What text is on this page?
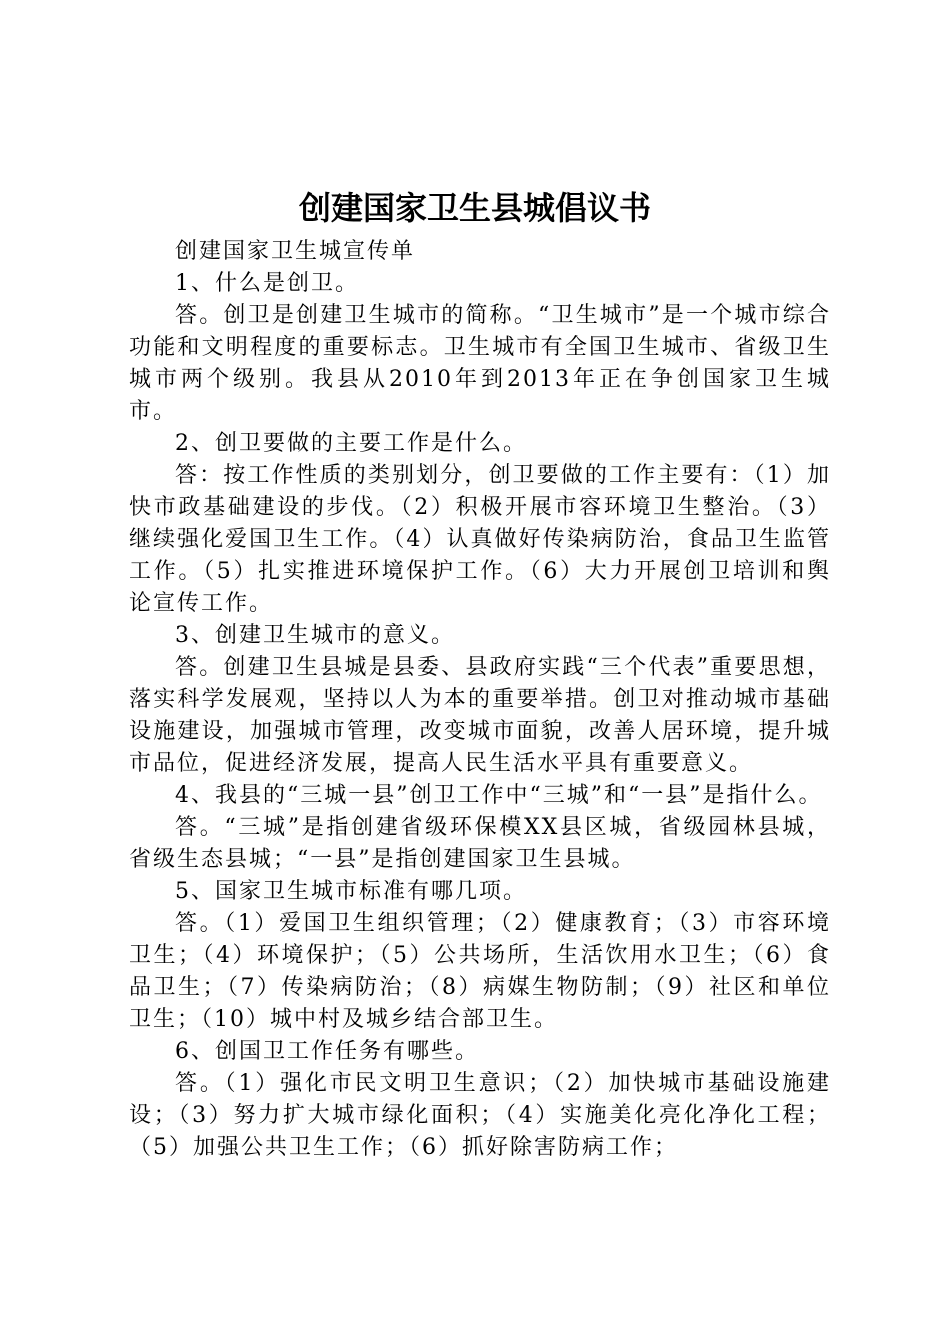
创建国家卫生县城倡议书

创建国家卫生城宣传单

1、什么是创卫。

答。创卫是创建卫生城市的简称。“卫生城市”是一个城市综合功能和文明程度的重要标志。卫生城市有全国卫生城市、省级卫生城市两个级别。我县从2010年到2013年正在争创国家卫生城市。

2、创卫要做的主要工作是什么。

答：按工作性质的类别划分，创卫要做的工作主要有：（1）加快市政基础建设的步伐。（2）积极开展市容环境卫生整治。（3）继续强化爱国卫生工作。（4）认真做好传染病防治，食品卫生监管工作。（5）扎实推进环境保护工作。（6）大力开展创卫培训和舆论宣传工作。

3、创建卫生城市的意义。

答。创建卫生县城是县委、县政府实践“三个代表”重要思想，落实科学发展观，坚持以人为本的重要举措。创卫对推动城市基础设施建设，加强城市管理，改变城市面貌，改善人居环境，提升城市品位，促进经济发展，提高人民生活水平具有重要意义。

4、我县的“三城一县”创卫工作中“三城”和“一县”是指什么。

答。“三城”是指创建省级环保模XX县区城，省级园林县城，省级生态县城；“一县”是指创建国家卫生县城。

5、国家卫生城市标准有哪几项。

答。（1）爱国卫生组织管理；（2）健康教育；（3）市容环境卫生；（4）环境保护；（5）公共场所，生活饮用水卫生；（6）食品卫生；（7）传染病防治；（8）病媒生物防制；（9）社区和单位卫生；（10）城中村及城乡结合部卫生。

6、创国卫工作任务有哪些。

答。（1）强化市民文明卫生意识；（2）加快城市基础设施建设；（3）努力扩大城市绿化面积；（4）实施美化亮化净化工程；（5）加强公共卫生工作；（6）抓好除害防病工作；
